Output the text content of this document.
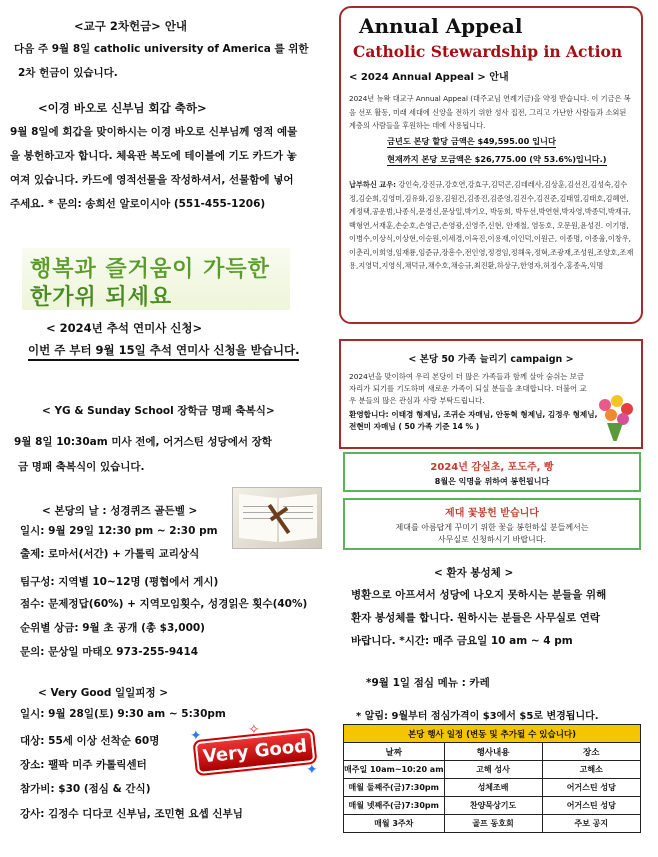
<교구 2차헌금> 안내
다음 주 9월 8일 catholic university of America 를 위한
2차 헌금이 있습니다.
<이경 바오로 신부님 회갑 축하>
9월 8일에 회갑을 맞이하시는 이경 바오로 신부님께 영적 예물
을 봉헌하고자 합니다. 체육관 복도에 테이블에 기도 카드가 놓
여져 있습니다. 카드에 영적선물을 작성하셔서, 선물함에 넣어
주세요. * 문의: 송희선 알로이시아 (551-455-1206)
행복과 즐거움이 가득한
한가위 되세요
< 2024년 추석 연미사 신청>
이번 주 부터 9월 15일 추석 연미사 신청을 받습니다.
< YG & Sunday School 장학금 명패 축복식>
9월 8일 10:30am 미사 전에, 어거스틴 성당에서 장학
금 명패 축복식이 있습니다.
< 본당의 날 : 성경퀴즈 골든벨 >
일시: 9월 29일 12:30 pm ~ 2:30 pm
출제: 로마서(서간) + 가톨릭 교리상식
팀구성: 지역별 10~12명 (평협에서 게시)
점수: 문제정답(60%) + 지역모임횟수, 성경읽은 횟수(40%)
순위별 상금: 9월 초 공개 (총 $3,000)
문의: 문상일 마태오 973-255-9414
< Very Good 일일피정 >
일시: 9월 28일(토) 9:30 am ~ 5:30pm
대상: 55세 이상 선착순 60명
장소: 팰팍 미주 카톨릭센터
참가비: $30 (점심 & 간식)
강사: 김정수 디다코 신부님, 조민현 요셉 신부님
✦
✦
✧
Very Good
Annual Appeal
Catholic Stewardship in Action
< 2024 Annual Appeal > 안내
2024년 뉴왁 대교구 Annual Appeal (대주교님 연례기금)을 약정 받습니다. 이 기금은 복음 선포 활동, 미래 세대에 신앙을 전하기 위한 성사 집전, 그리고 가난한 사람들과 소외된 계층의 사람들을 후원하는 데에 사용됩니다.
금년도 본당 할당 금액은 $49,595.00 입니다
현재까지 본당 모금액은 $26,775.00 (약 53.6%)입니다.)
납부하신 교우: 강인숙,강진규,강호연,강효구,김덕곤,김데레사,김상훈,김선진,김성숙,김수정,김순희,김영미,김유화,김용,김원건,김종진,김준영,김진수,김진준,김태열,김태호,김혜연,계정택,공운범,나종식,문경신,문상일,박기오, 박동희, 박두선,박연현,박자영,박종덕,박재규,백형연,서재훈,손순호,손영근,손영광,신영주,신현, 안재철, 염동호, 오문원,윤성진. 이기명,이병수,이상식,이상현,이승원,이세경,이옥진,이용재,이인덕,이원근, 이종명, 이종율,이창우,이춘리,이희영,임재룡,임준규,장흥수,전인영,정경임,정해욱,정혁,조광재,조성원,조양호,조재용,지영덕,지영식,채덕규,채수호,채승규,최진환,하상구,한영자,허정수,홍종옥,익명
< 본당 50 가족 늘리기 campaign >
2024년을 맞이하여 우리 본당이 더 많은 가족들과 함께 살아 숨쉬는 보금자리가 되기를 기도하며 새로운 가족이 되실 분들을 초대합니다. 더불어 교우 분들의 많은 관심과 사랑 부탁드립니다.
환영합니다: 이태경 형제님, 조귀순 자매님, 안동혁 형제님, 김정우 형제님, 전현미 자매님 ( 50 가족 기준 14 % )
2024년 감실초, 포도주, 빵
8월은 익명을 위하여 봉헌됩니다
제대 꽃봉헌 받습니다
제대를 아름답게 꾸미기 위한 꽃을 봉헌하실 분들께서는
사무실로 신청하시기 바랍니다.
< 환자 봉성체 >
병환으로 아프셔서 성당에 나오지 못하시는 분들을 위해
환자 봉성체를 합니다. 원하시는 분들은 사무실로 연락
바랍니다. *시간: 매주 금요일 10 am ~ 4 pm
*9월 1일 점심 메뉴 : 카레
* 알림: 9월부터 점심가격이 $3에서 $5로 변경됩니다.
본당 행사 일정 (변동 및 추가될 수 있습니다)		
날짜	행사내용	장소
매주일 10am~10:20 am	고해 성사	고해소
매월 둘째주(금)7:30pm	성체조배	어거스틴 성당
매월 넷째주(금)7:30pm	찬양묵상기도	어거스틴 성당
매월 3주차	골프 동호회	주보 공지
